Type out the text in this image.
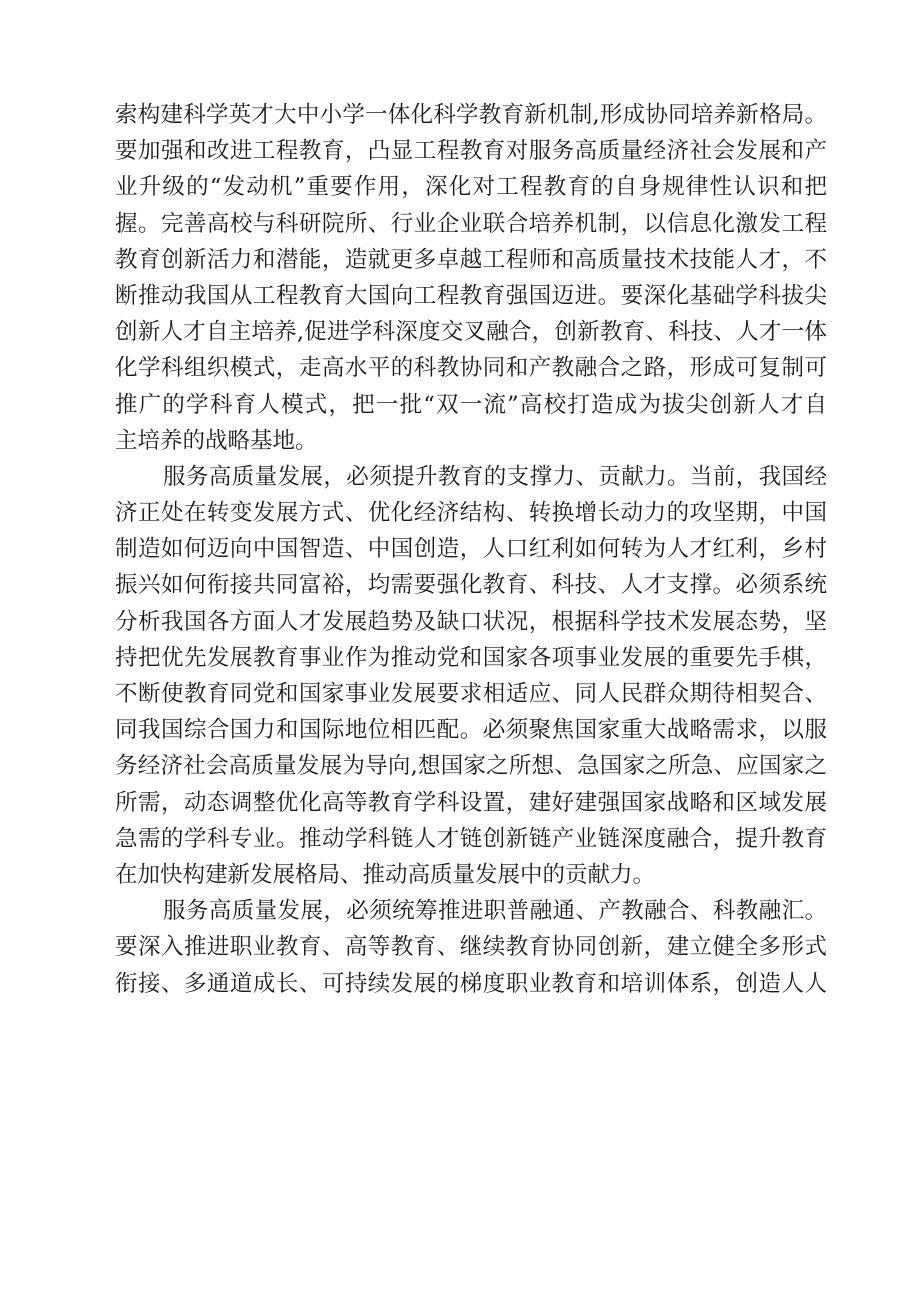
索构建科学英才大中小学一体化科学教育新机制,形成协同培养新格局。
要加强和改进工程教育，凸显工程教育对服务高质量经济社会发展和产
业升级的“发动机”重要作用，深化对工程教育的自身规律性认识和把
握。完善高校与科研院所、行业企业联合培养机制，以信息化激发工程
教育创新活力和潜能，造就更多卓越工程师和高质量技术技能人才，不
断推动我国从工程教育大国向工程教育强国迈进。要深化基础学科拔尖
创新人才自主培养,促进学科深度交叉融合，创新教育、科技、人才一体
化学科组织模式，走高水平的科教协同和产教融合之路，形成可复制可
推广的学科育人模式，把一批“双一流”高校打造成为拔尖创新人才自
主培养的战略基地。
服务高质量发展，必须提升教育的支撑力、贡献力。当前，我国经
济正处在转变发展方式、优化经济结构、转换增长动力的攻坚期，中国
制造如何迈向中国智造、中国创造，人口红利如何转为人才红利，乡村
振兴如何衔接共同富裕，均需要强化教育、科技、人才支撑。必须系统
分析我国各方面人才发展趋势及缺口状况，根据科学技术发展态势，坚
持把优先发展教育事业作为推动党和国家各项事业发展的重要先手棋，
不断使教育同党和国家事业发展要求相适应、同人民群众期待相契合、
同我国综合国力和国际地位相匹配。必须聚焦国家重大战略需求，以服
务经济社会高质量发展为导向,想国家之所想、急国家之所急、应国家之
所需，动态调整优化高等教育学科设置，建好建强国家战略和区域发展
急需的学科专业。推动学科链人才链创新链产业链深度融合，提升教育
在加快构建新发展格局、推动高质量发展中的贡献力。
服务高质量发展，必须统筹推进职普融通、产教融合、科教融汇。
要深入推进职业教育、高等教育、继续教育协同创新，建立健全多形式
衔接、多通道成长、可持续发展的梯度职业教育和培训体系，创造人人
